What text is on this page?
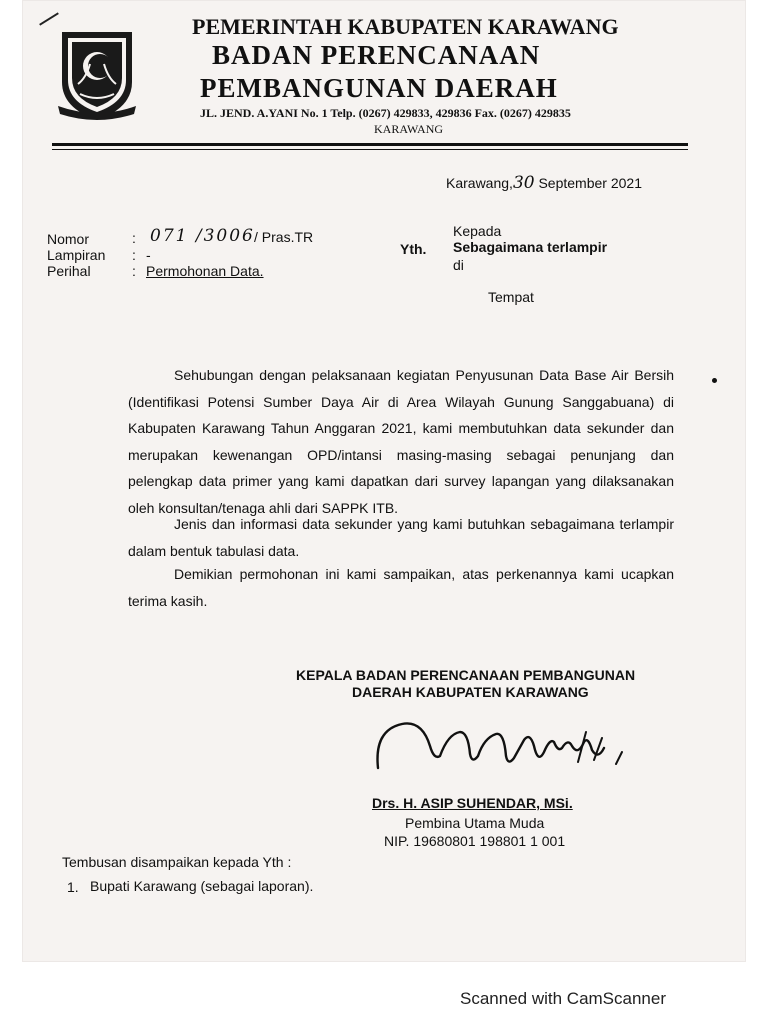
PEMERINTAH KABUPATEN KARAWANG
BADAN PERENCANAAN
PEMBANGUNAN DAERAH
JL. JEND. A.YANI No. 1 Telp. (0267) 429833, 429836 Fax. (0267) 429835
KARAWANG
Karawang,30 September 2021
Nomor	: 071 /3006 / Pras.TR
Lampiran : -
Perihal	: Permohonan Data.
Kepada
Yth. Sebagaimana terlampir
di
Tempat
Sehubungan dengan pelaksanaan kegiatan Penyusunan Data Base Air Bersih (Identifikasi Potensi Sumber Daya Air di Area Wilayah Gunung Sanggabuana) di Kabupaten Karawang Tahun Anggaran 2021, kami membutuhkan data sekunder dan merupakan kewenangan OPD/intansi masing-masing sebagai penunjang dan pelengkap data primer yang kami dapatkan dari survey lapangan yang dilaksanakan oleh konsultan/tenaga ahli dari SAPPK ITB.
Jenis dan informasi data sekunder yang kami butuhkan sebagaimana terlampir dalam bentuk tabulasi data.
Demikian permohonan ini kami sampaikan, atas perkenannya kami ucapkan terima kasih.
KEPALA BADAN PERENCANAAN PEMBANGUNAN
DAERAH KABUPATEN KARAWANG
Drs. H. ASIP SUHENDAR, MSi.
Pembina Utama Muda
NIP. 19680801 198801 1 001
Tembusan disampaikan kepada Yth :
1. Bupati Karawang (sebagai laporan).
Scanned with CamScanner
